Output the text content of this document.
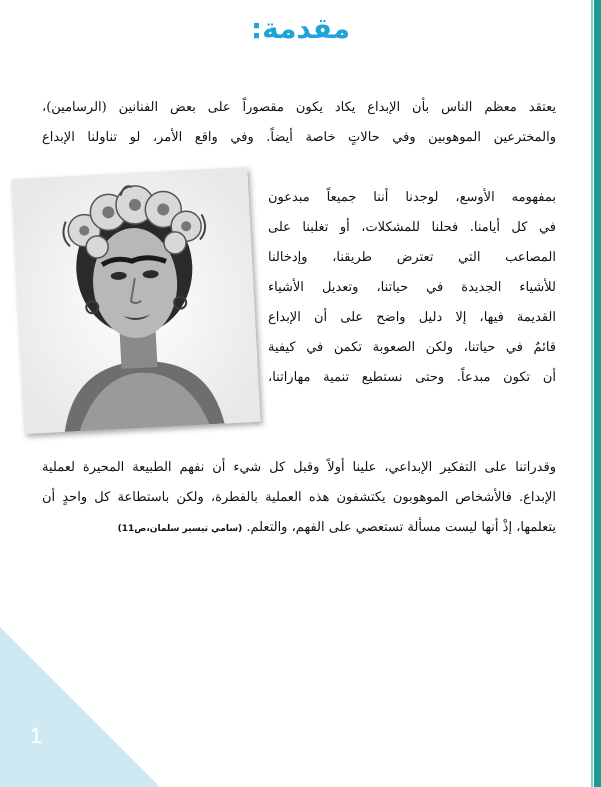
1
مقدمة:
يعتقد معظم الناس بأن الإبداع يكاد يكون مقصوراً على بعض الفنانين (الرسامين)،
والمخترعين الموهوبين وفي حالاتٍ خاصة أيضاً. وفي واقع الأمر، لو تناولنا الإبداع
بمفهومه الأوسع، لوجدنا أننا جميعاً مبدعون
في كل أيامنا. فحلنا للمشكلات، أو تغلبنا على
المصاعب التي تعترض طريقنا، وإدخالنا
للأشياء الجديدة في حياتنا، وتعديل الأشياء
القديمة فيها، إلا دليل واضح على أن الإبداع
قائمٌ في حياتنا، ولكن الصعوبة تكمن في كيفية
أن تكون مبدعاً. وحتى نستطيع تنمية مهاراتنا،
وقدراتنا على التفكير الإبداعي، علينا أولاً وقبل كل شيء أن نفهم الطبيعة المحيرة لعملية
الإبداع. فالأشخاص الموهوبون يكتشفون هذه العملية بالفطرة، ولكن باستطاعة كل واحدٍ أن
يتعلمها، إذْ أنها ليست مسألة تستعصي على الفهم، والتعلم. (سامي تيسير سلمان،ص11)
